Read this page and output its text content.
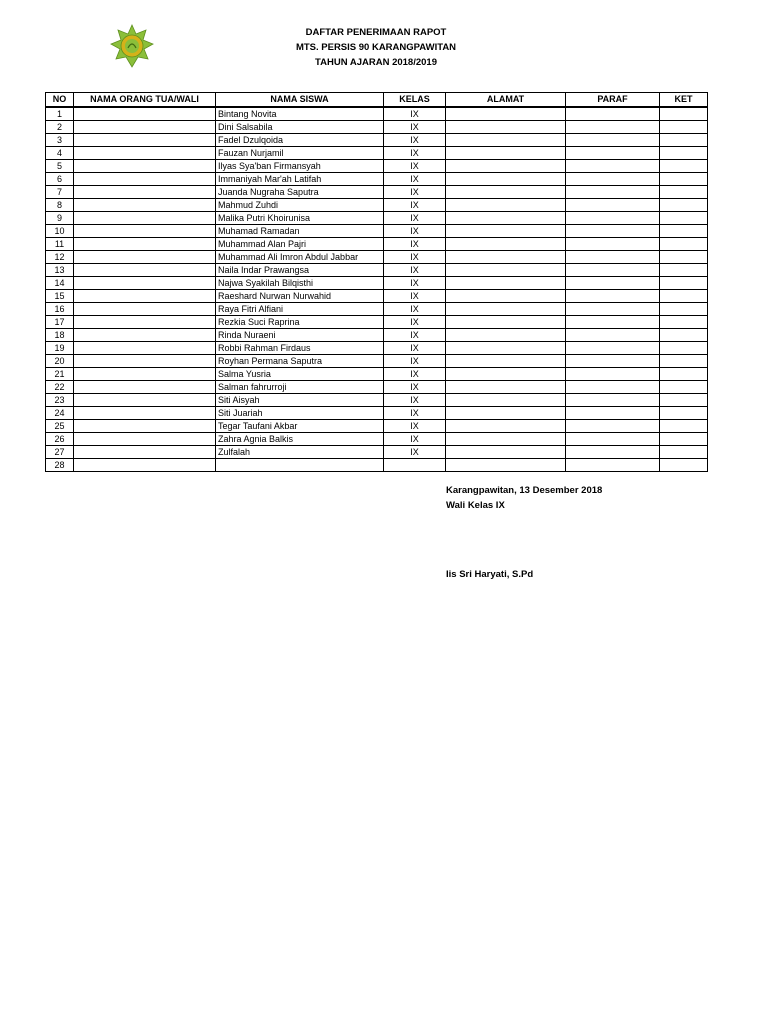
DAFTAR PENERIMAAN RAPOT
MTS. PERSIS 90 KARANGPAWITAN
TAHUN AJARAN 2018/2019
NO	NAMA ORANG TUA/WALI	NAMA SISWA	KELAS	ALAMAT	PARAF	KET
1		Bintang Novita	IX			
2		Dini Salsabila	IX			
3		Fadel Dzulqoida	IX			
4		Fauzan Nurjamil	IX			
5		Ilyas Sya'ban Firmansyah	IX			
6		Immaniyah Mar'ah Latifah	IX			
7		Juanda Nugraha Saputra	IX			
8		Mahmud Zuhdi	IX			
9		Malika Putri Khoirunisa	IX			
10		Muhamad Ramadan	IX			
11		Muhammad Alan Pajri	IX			
12		Muhammad Ali Imron Abdul Jabbar	IX			
13		Naila Indar Prawangsa	IX			
14		Najwa Syakilah Bilqisthi	IX			
15		Raeshard Nurwan Nurwahid	IX			
16		Raya Fitri Alfiani	IX			
17		Rezkia Suci Raprina	IX			
18		Rinda Nuraeni	IX			
19		Robbi Rahman Firdaus	IX			
20		Royhan Permana Saputra	IX			
21		Salma Yusria	IX			
22		Salman fahrurroji	IX			
23		Siti Aisyah	IX			
24		Siti Juariah	IX			
25		Tegar Taufani Akbar	IX			
26		Zahra Agnia Balkis	IX			
27		Zulfalah	IX			
28						
Karangpawitan, 13 Desember 2018
Wali Kelas IX
Iis Sri Haryati, S.Pd
